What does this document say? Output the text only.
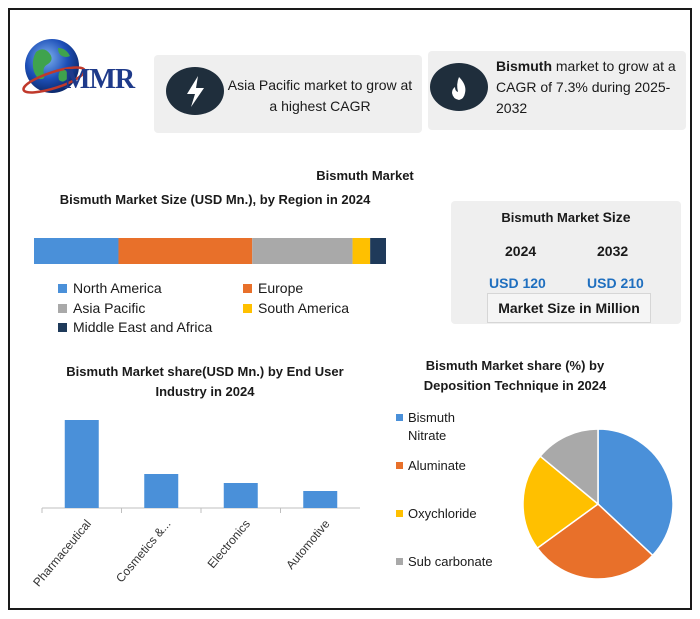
MMR	Asia Pacific market to grow at a highest CAGR
Bismuth market to grow at a CAGR of 7.3% during 2025-2032
Bismuth Market
Bismuth Market Size (USD Mn.), by Region in 2024
North America	Europe
Asia Pacific	South America
Middle East and Africa
Bismuth Market Size
2024	2032
USD 120	USD 210
Market Size in Million
Bismuth Market share(USD Mn.) by End User Industry in 2024
Pharmaceutical Cosmetics &...	Electronics	Automotive
Bismuth Market share (%) by Deposition Technique in 2024
Bismuth Nitrate
Aluminate
Oxychloride
Sub carbonate
